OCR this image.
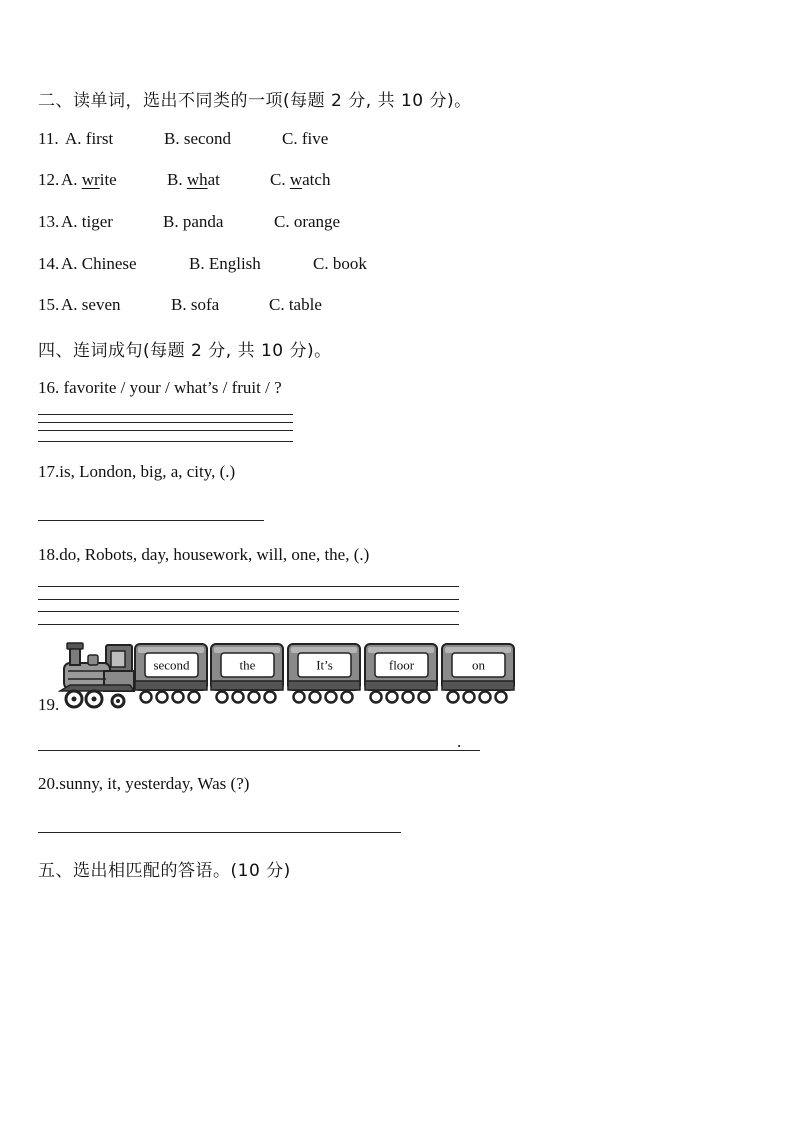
二、读单词，选出不同类的一项(每题 2 分, 共 10 分)。
11. A. first	B. second	C. five
12. A. write	B. what	C. watch
13. A. tiger	B. panda	C. orange
14. A. Chinese	B. English	C. book
15. A. seven	B. sofa	C. table
四、连词成句(每题 2 分, 共 10 分)。
16. favorite / your / what’s / fruit / ?
17.is, London, big, a, city, (.)
18.do, Robots, day, housework, will, one, the, (.)
19.
second	the	It’s	floor	on
.
20.sunny, it, yesterday, Was (?)
五、选出相匹配的答语。(10 分)
